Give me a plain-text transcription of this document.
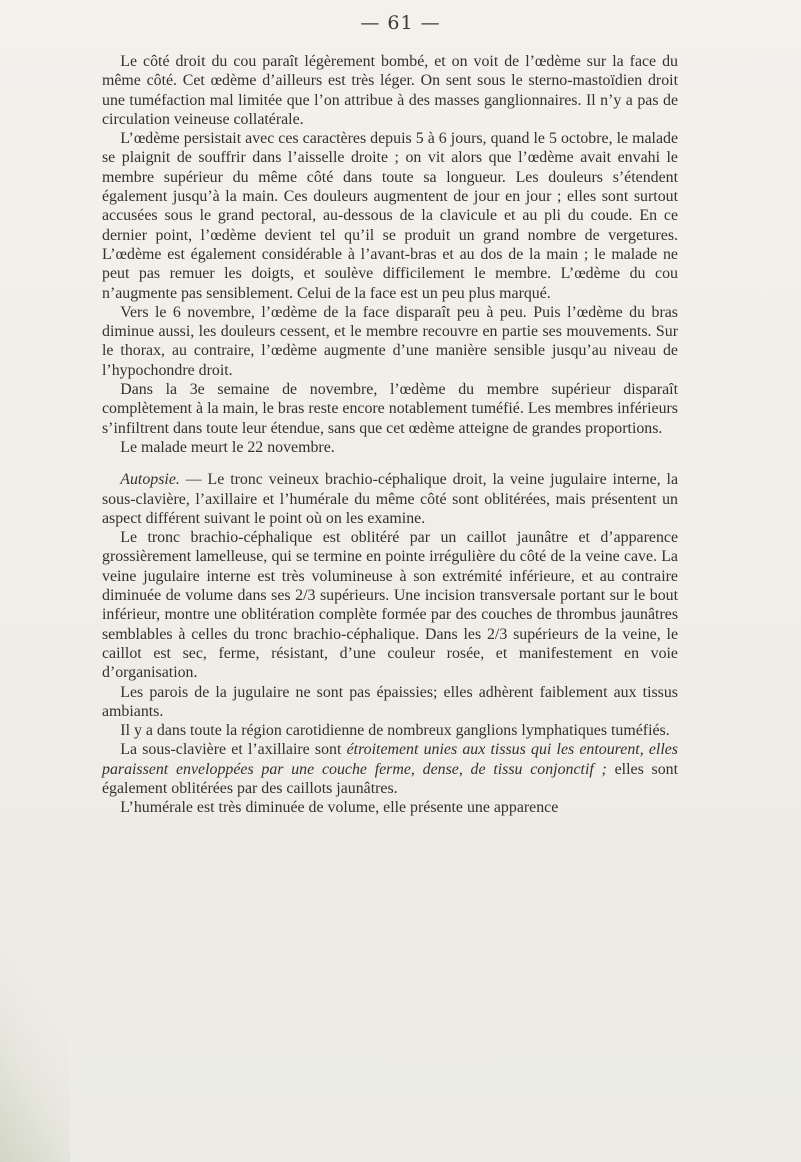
— 61 —

Le côté droit du cou paraît légèrement bombé, et on voit de l’œdème sur la face du même côté. Cet œdème d’ailleurs est très léger. On sent sous le sterno-mastoïdien droit une tuméfaction mal limitée que l’on attribue à des masses ganglionnaires. Il n’y a pas de circulation veineuse collatérale.

L’œdème persistait avec ces caractères depuis 5 à 6 jours, quand le 5 octobre, le malade se plaignit de souffrir dans l’aisselle droite ; on vit alors que l’œdème avait envahi le membre supérieur du même côté dans toute sa longueur. Les douleurs s’étendent également jusqu’à la main. Ces douleurs augmentent de jour en jour ; elles sont surtout accusées sous le grand pectoral, au-dessous de la clavicule et au pli du coude. En ce dernier point, l’œdème devient tel qu’il se produit un grand nombre de vergetures. L’œdème est également considérable à l’avant-bras et au dos de la main ; le malade ne peut pas remuer les doigts, et soulève difficilement le membre. L’œdème du cou n’augmente pas sensiblement. Celui de la face est un peu plus marqué.

Vers le 6 novembre, l’œdème de la face disparaît peu à peu. Puis l’œdème du bras diminue aussi, les douleurs cessent, et le membre recouvre en partie ses mouvements. Sur le thorax, au contraire, l’œdème augmente d’une manière sensible jusqu’au niveau de l’hypochondre droit.

Dans la 3e semaine de novembre, l’œdème du membre supérieur disparaît complètement à la main, le bras reste encore notablement tuméfié. Les membres inférieurs s’infiltrent dans toute leur étendue, sans que cet œdème atteigne de grandes proportions.

Le malade meurt le 22 novembre.

Autopsie. — Le tronc veineux brachio-céphalique droit, la veine jugulaire interne, la sous-clavière, l’axillaire et l’humérale du même côté sont oblitérées, mais présentent un aspect différent suivant le point où on les examine.

Le tronc brachio-céphalique est oblitéré par un caillot jaunâtre et d’apparence grossièrement lamelleuse, qui se termine en pointe irrégulière du côté de la veine cave. La veine jugulaire interne est très volumineuse à son extrémité inférieure, et au contraire diminuée de volume dans ses 2/3 supérieurs. Une incision transversale portant sur le bout inférieur, montre une oblitération complète formée par des couches de thrombus jaunâtres semblables à celles du tronc brachio-céphalique. Dans les 2/3 supérieurs de la veine, le caillot est sec, ferme, résistant, d’une couleur rosée, et manifestement en voie d’organisation.

Les parois de la jugulaire ne sont pas épaissies; elles adhèrent faiblement aux tissus ambiants.

Il y a dans toute la région carotidienne de nombreux ganglions lymphatiques tuméfiés.

La sous-clavière et l’axillaire sont étroitement unies aux tissus qui les entourent, elles paraissent enveloppées par une couche ferme, dense, de tissu conjonctif ; elles sont également oblitérées par des caillots jaunâtres.

L’humérale est très diminuée de volume, elle présente une apparence
